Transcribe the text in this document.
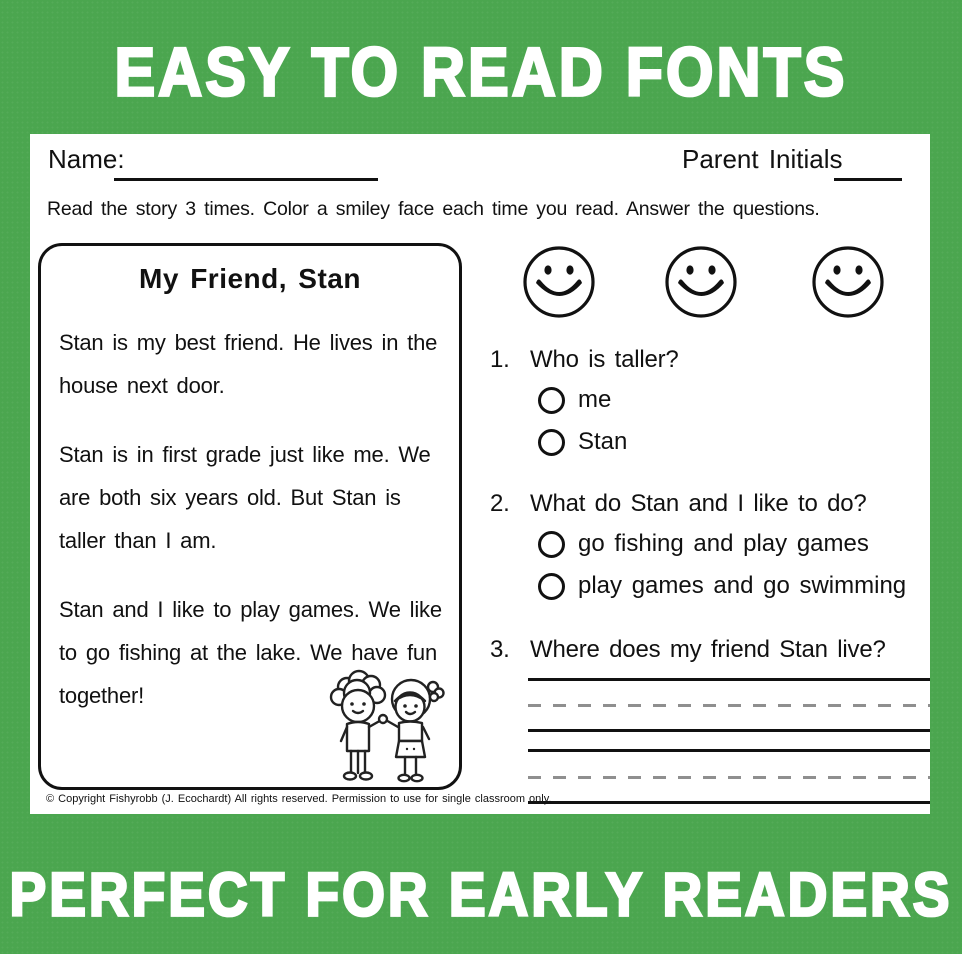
EASY TO READ FONTS
Name:	Parent Initials
Read the story 3 times. Color a smiley face each time you read. Answer the questions.
My Friend, Stan

Stan is my best friend. He lives in the house next door.

Stan is in first grade just like me. We are both six years old. But Stan is taller than I am.

Stan and I like to play games. We like to go fishing at the lake. We have fun together!

© Copyright Fishyrobb (J. Ecochardt) All rights reserved. Permission to use for single classroom only.
1. Who is taller?
me
Stan
2. What do Stan and I like to do?
go fishing and play games
play games and go swimming
3. Where does my friend Stan live?
PERFECT FOR EARLY READERS
